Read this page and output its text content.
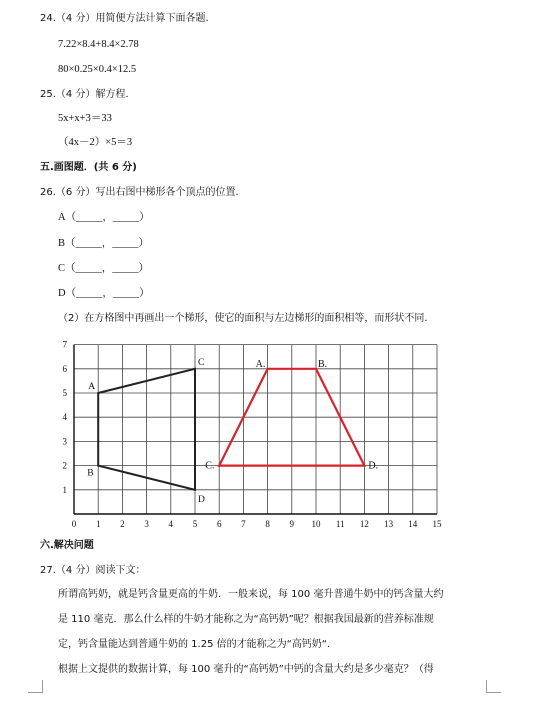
24.（4 分）用简便方法计算下面各题．
7.22×8.4+8.4×2.78
80×0.25×0.4×12.5
25.（4 分）解方程．
5x+x+3＝33
（4x－2）×5＝3
五.画图题．(共 6 分)
26.（6 分）写出右图中梯形各个顶点的位置．
A（_____，_____）
B（_____，_____）
C（_____，_____）
D（_____，_____）
（2）在方格图中再画出一个梯形，使它的面积与左边梯形的面积相等，而形状不同．
0 1 2 3 4 5 6 7 8 9 10 11 12 13 14 15
1
2
3
4
5
6
7
A
C
D
B
A.	B.
D.
C.
六.解决问题
27.（4 分）阅读下文：
所谓高钙奶，就是钙含量更高的牛奶．一般来说，每 100 毫升普通牛奶中的钙含量大约
是 110 毫克．那么什么样的牛奶才能称之为“高钙奶”呢？根据我国最新的营养标准规
定，钙含量能达到普通牛奶的 1.25 倍的才能称之为“高钙奶“．
根据上文提供的数据计算，每 100 毫升的“高钙奶”中钙的含量大约是多少毫克？（得
